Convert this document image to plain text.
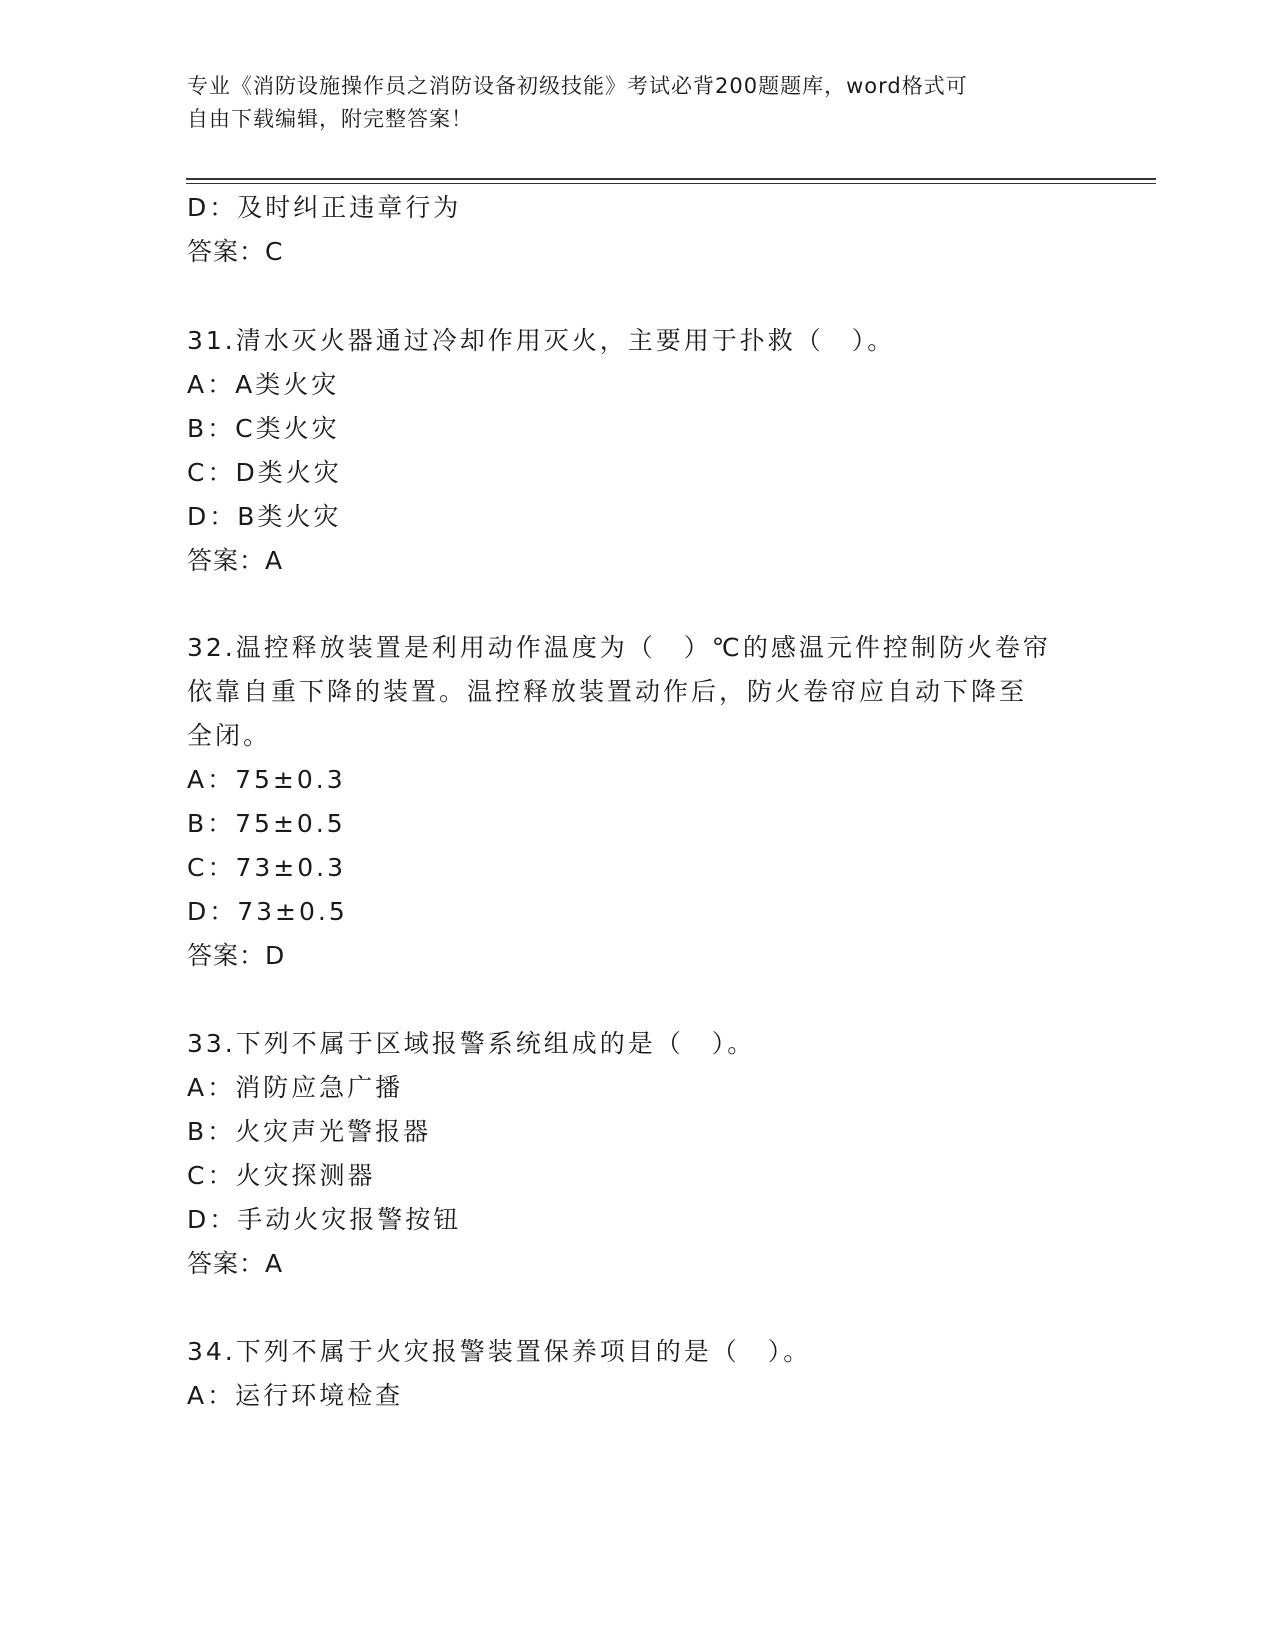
专业《消防设施操作员之消防设备初级技能》考试必背200题题库，word格式可
自由下载编辑，附完整答案！
D：及时纠正违章行为
答案：C
31.清水灭火器通过冷却作用灭火，主要用于扑救（　）。
A：A类火灾
B：C类火灾
C：D类火灾
D：B类火灾
答案：A
32.温控释放装置是利用动作温度为（　）℃的感温元件控制防火卷帘
依靠自重下降的装置。温控释放装置动作后，防火卷帘应自动下降至
全闭。
A：75±0.3
B：75±0.5
C：73±0.3
D：73±0.5
答案：D
33.下列不属于区域报警系统组成的是（　）。
A：消防应急广播
B：火灾声光警报器
C：火灾探测器
D：手动火灾报警按钮
答案：A
34.下列不属于火灾报警装置保养项目的是（　）。
A：运行环境检查
